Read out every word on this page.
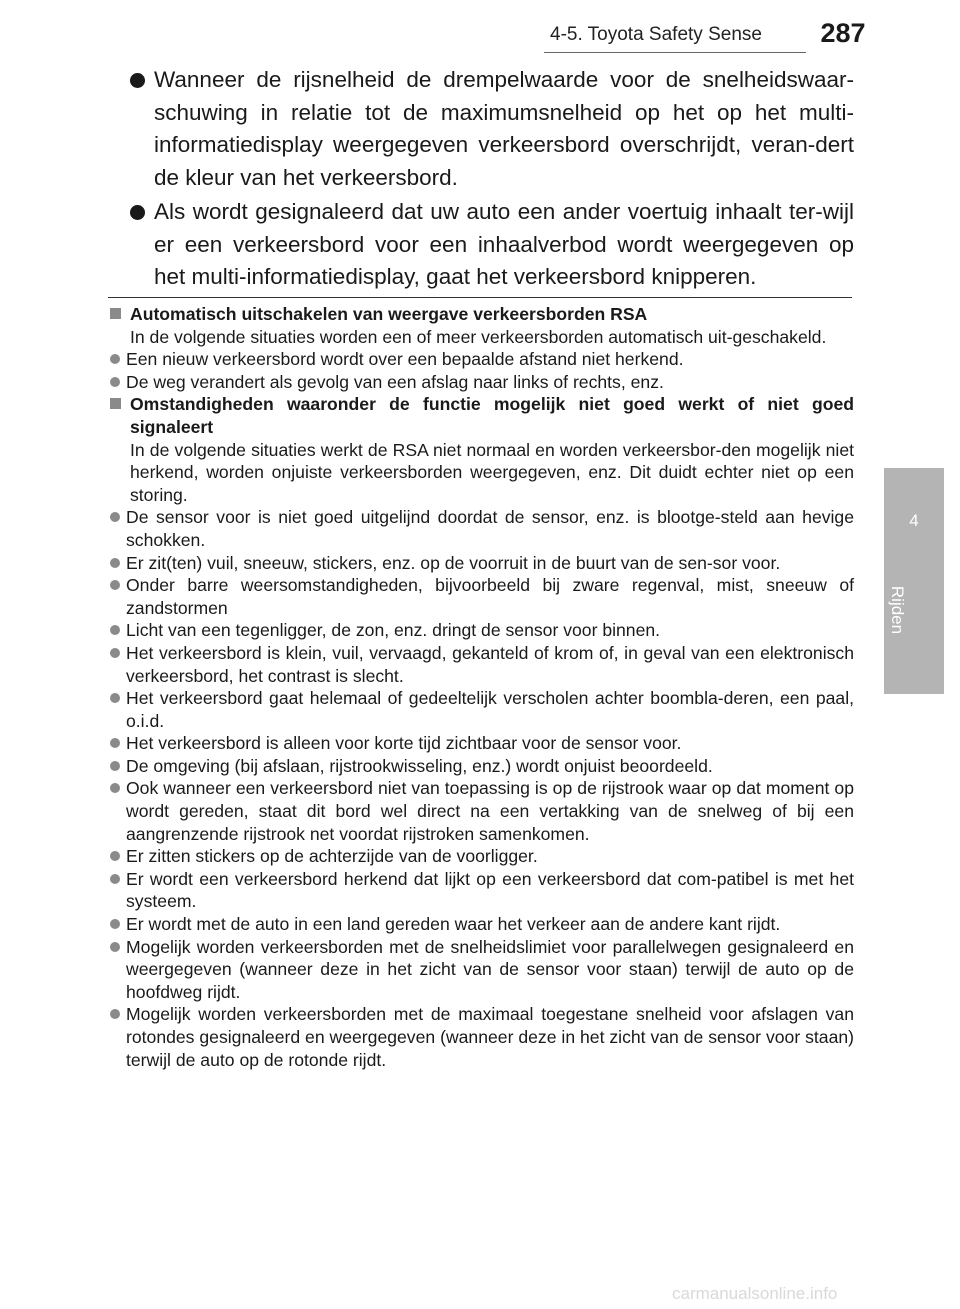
4-5. Toyota Safety Sense	287
4
Rijden
Wanneer de rijsnelheid de drempelwaarde voor de snelheidswaar-schuwing in relatie tot de maximumsnelheid op het op het multi-informatiedisplay weergegeven verkeersbord overschrijdt, veran-dert de kleur van het verkeersbord.
Als wordt gesignaleerd dat uw auto een ander voertuig inhaalt ter-wijl er een verkeersbord voor een inhaalverbod wordt weergegeven op het multi-informatiedisplay, gaat het verkeersbord knipperen.
Automatisch uitschakelen van weergave verkeersborden RSA
In de volgende situaties worden een of meer verkeersborden automatisch uit-geschakeld.
Een nieuw verkeersbord wordt over een bepaalde afstand niet herkend.
De weg verandert als gevolg van een afslag naar links of rechts, enz.
Omstandigheden waaronder de functie mogelijk niet goed werkt of niet goed signaleert
In de volgende situaties werkt de RSA niet normaal en worden verkeersbor-den mogelijk niet herkend, worden onjuiste verkeersborden weergegeven, enz. Dit duidt echter niet op een storing.
De sensor voor is niet goed uitgelijnd doordat de sensor, enz. is blootge-steld aan hevige schokken.
Er zit(ten) vuil, sneeuw, stickers, enz. op de voorruit in de buurt van de sen-sor voor.
Onder barre weersomstandigheden, bijvoorbeeld bij zware regenval, mist, sneeuw of zandstormen
Licht van een tegenligger, de zon, enz. dringt de sensor voor binnen.
Het verkeersbord is klein, vuil, vervaagd, gekanteld of krom of, in geval van een elektronisch verkeersbord, het contrast is slecht.
Het verkeersbord gaat helemaal of gedeeltelijk verscholen achter boombla-deren, een paal, o.i.d.
Het verkeersbord is alleen voor korte tijd zichtbaar voor de sensor voor.
De omgeving (bij afslaan, rijstrookwisseling, enz.) wordt onjuist beoordeeld.
Ook wanneer een verkeersbord niet van toepassing is op de rijstrook waar op dat moment op wordt gereden, staat dit bord wel direct na een vertakking van de snelweg of bij een aangrenzende rijstrook net voordat rijstroken samenkomen.
Er zitten stickers op de achterzijde van de voorligger.
Er wordt een verkeersbord herkend dat lijkt op een verkeersbord dat com-patibel is met het systeem.
Er wordt met de auto in een land gereden waar het verkeer aan de andere kant rijdt.
Mogelijk worden verkeersborden met de snelheidslimiet voor parallelwegen gesignaleerd en weergegeven (wanneer deze in het zicht van de sensor voor staan) terwijl de auto op de hoofdweg rijdt.
Mogelijk worden verkeersborden met de maximaal toegestane snelheid voor afslagen van rotondes gesignaleerd en weergegeven (wanneer deze in het zicht van de sensor voor staan) terwijl de auto op de rotonde rijdt.
carmanualsonline.info
